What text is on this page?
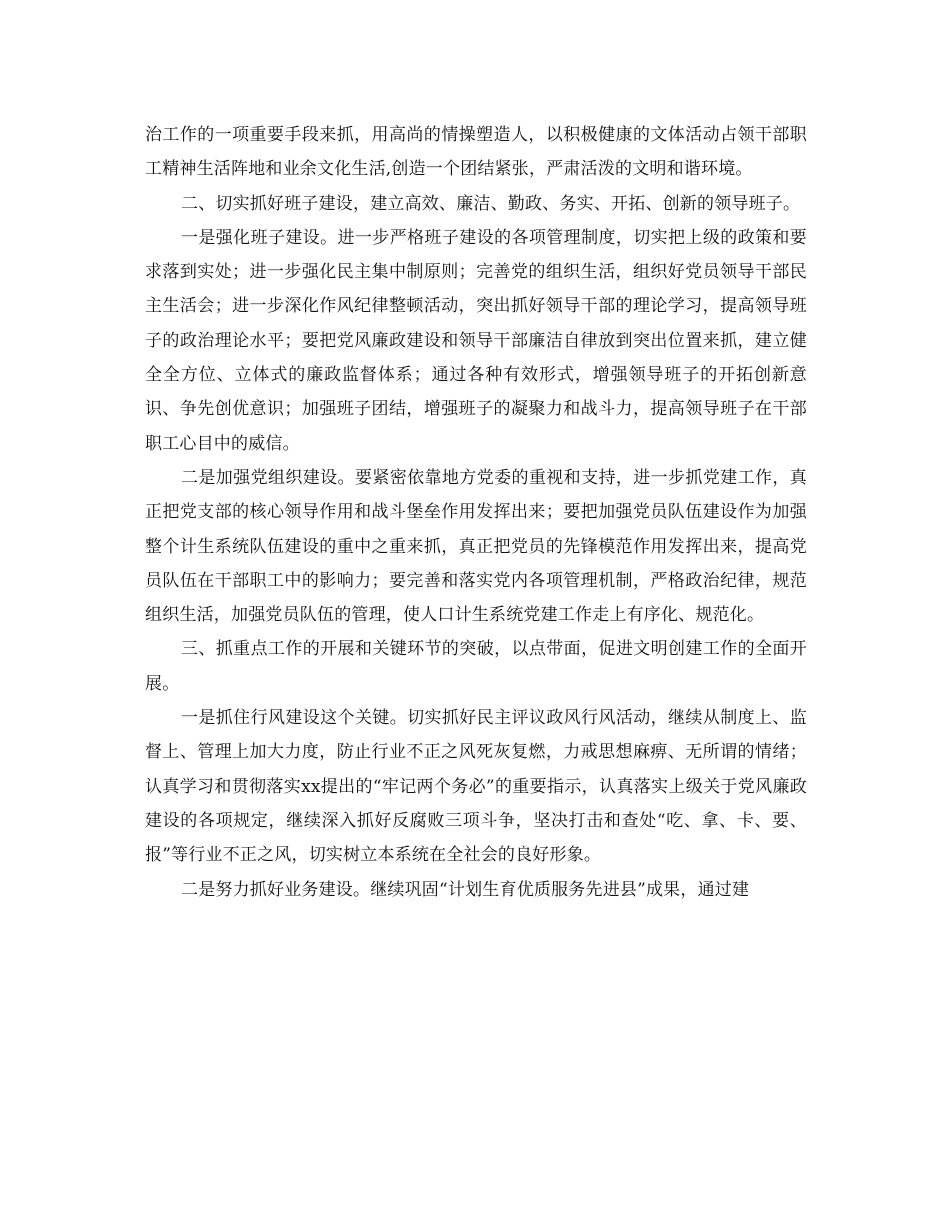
治工作的一项重要手段来抓，用高尚的情操塑造人，以积极健康的文体活动占领干部职工精神生活阵地和业余文化生活,创造一个团结紧张，严肃活泼的文明和谐环境。

二、切实抓好班子建设，建立高效、廉洁、勤政、务实、开拓、创新的领导班子。

一是强化班子建设。进一步严格班子建设的各项管理制度，切实把上级的政策和要求落到实处；进一步强化民主集中制原则；完善党的组织生活，组织好党员领导干部民主生活会；进一步深化作风纪律整顿活动，突出抓好领导干部的理论学习，提高领导班子的政治理论水平；要把党风廉政建设和领导干部廉洁自律放到突出位置来抓，建立健全全方位、立体式的廉政监督体系；通过各种有效形式，增强领导班子的开拓创新意识、争先创优意识；加强班子团结，增强班子的凝聚力和战斗力，提高领导班子在干部职工心目中的威信。

二是加强党组织建设。要紧密依靠地方党委的重视和支持，进一步抓党建工作，真正把党支部的核心领导作用和战斗堡垒作用发挥出来；要把加强党员队伍建设作为加强整个计生系统队伍建设的重中之重来抓，真正把党员的先锋模范作用发挥出来，提高党员队伍在干部职工中的影响力；要完善和落实党内各项管理机制，严格政治纪律，规范组织生活，加强党员队伍的管理，使人口计生系统党建工作走上有序化、规范化。

三、抓重点工作的开展和关键环节的突破，以点带面，促进文明创建工作的全面开展。

一是抓住行风建设这个关键。切实抓好民主评议政风行风活动，继续从制度上、监督上、管理上加大力度，防止行业不正之风死灰复燃，力戒思想麻痹、无所谓的情绪；认真学习和贯彻落实xx提出的“牢记两个务必”的重要指示，认真落实上级关于党风廉政建设的各项规定，继续深入抓好反腐败三项斗争，坚决打击和查处“吃、拿、卡、要、报”等行业不正之风，切实树立本系统在全社会的良好形象。

二是努力抓好业务建设。继续巩固“计划生育优质服务先进县”成果，通过建
